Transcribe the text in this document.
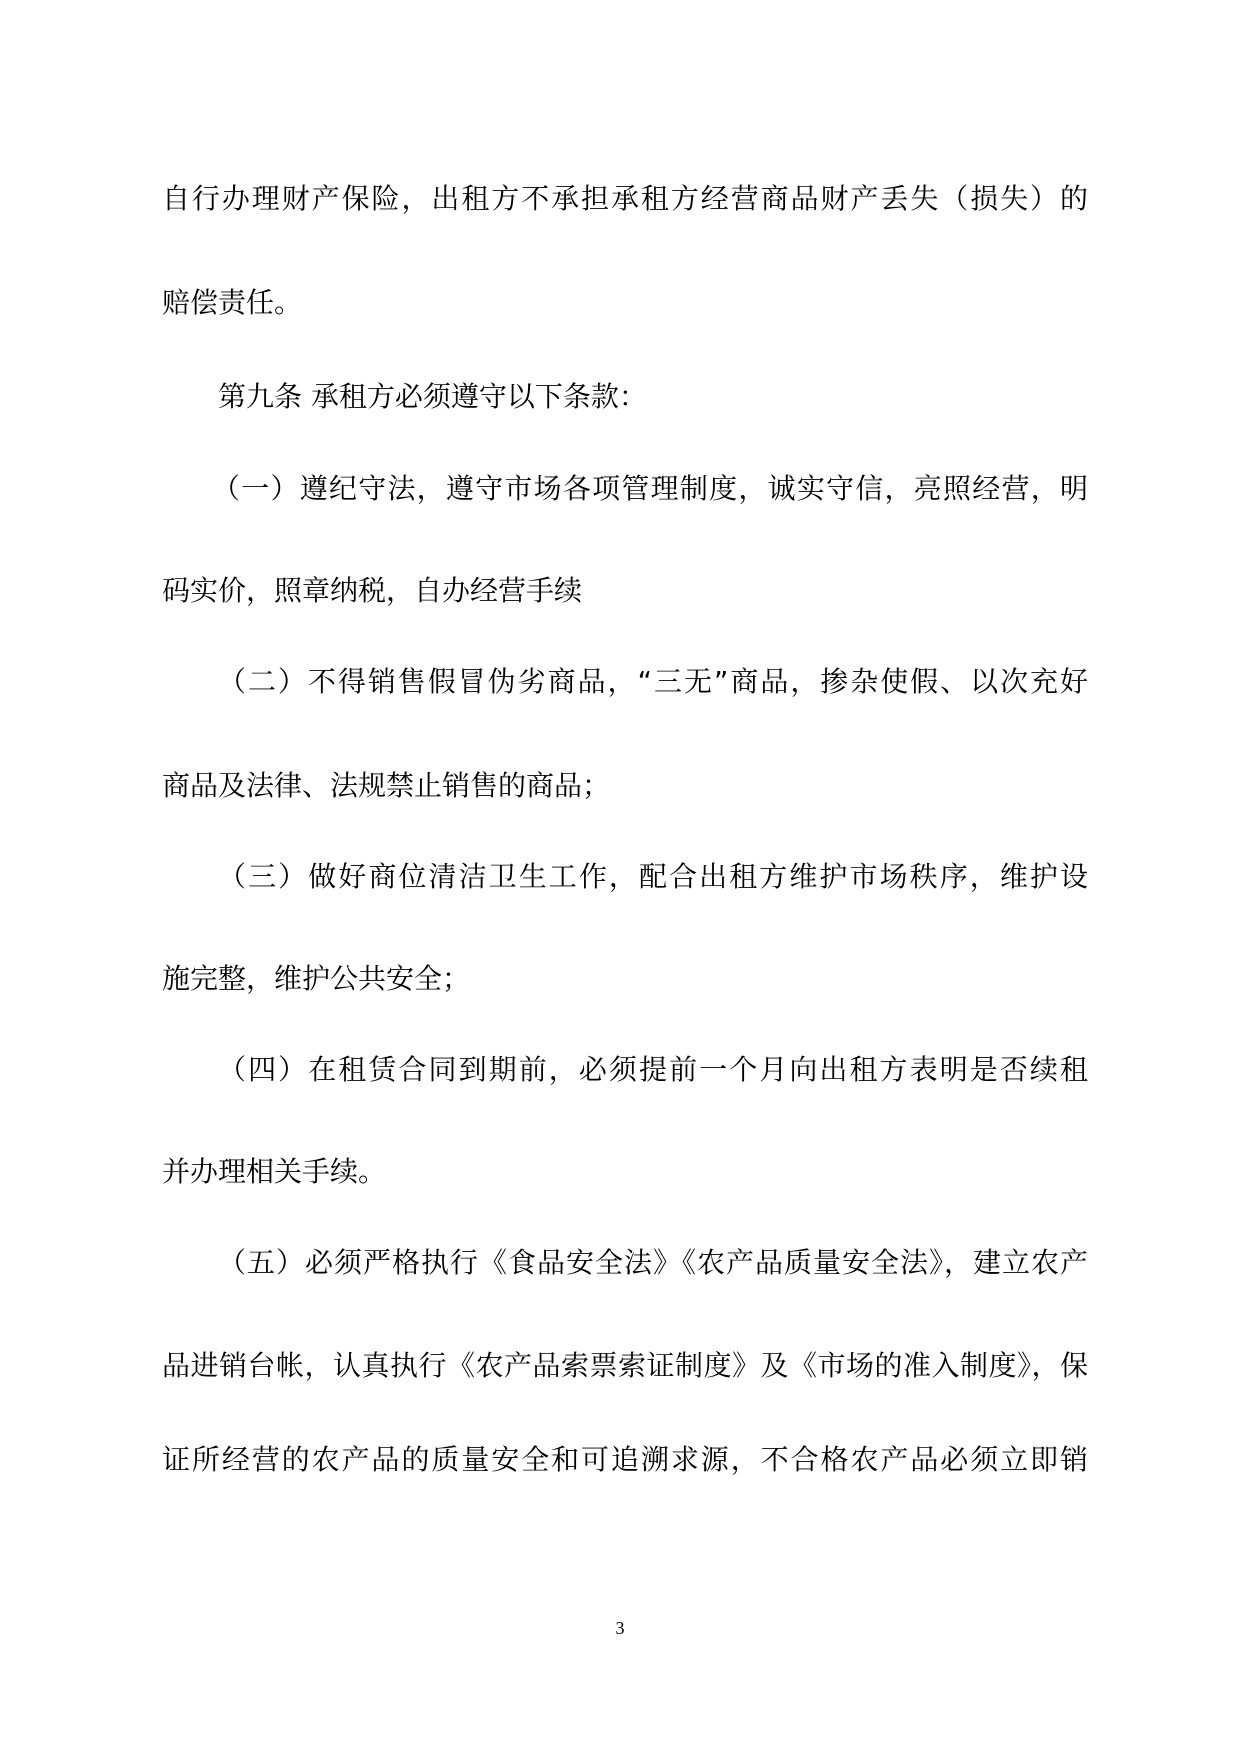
自行办理财产保险，出租方不承担承租方经营商品财产丢失（损失）的
赔偿责任。
第九条 承租方必须遵守以下条款：
（一）遵纪守法，遵守市场各项管理制度，诚实守信，亮照经营，明
码实价，照章纳税，自办经营手续
（二）不得销售假冒伪劣商品，“三无”商品，掺杂使假、以次充好
商品及法律、法规禁止销售的商品；
（三）做好商位清洁卫生工作，配合出租方维护市场秩序，维护设
施完整，维护公共安全；
（四）在租赁合同到期前，必须提前一个月向出租方表明是否续租
并办理相关手续。
（五）必须严格执行《食品安全法》《农产品质量安全法》，建立农产
品进销台帐，认真执行《农产品索票索证制度》及《市场的准入制度》，保
证所经营的农产品的质量安全和可追溯求源，不合格农产品必须立即销
3
